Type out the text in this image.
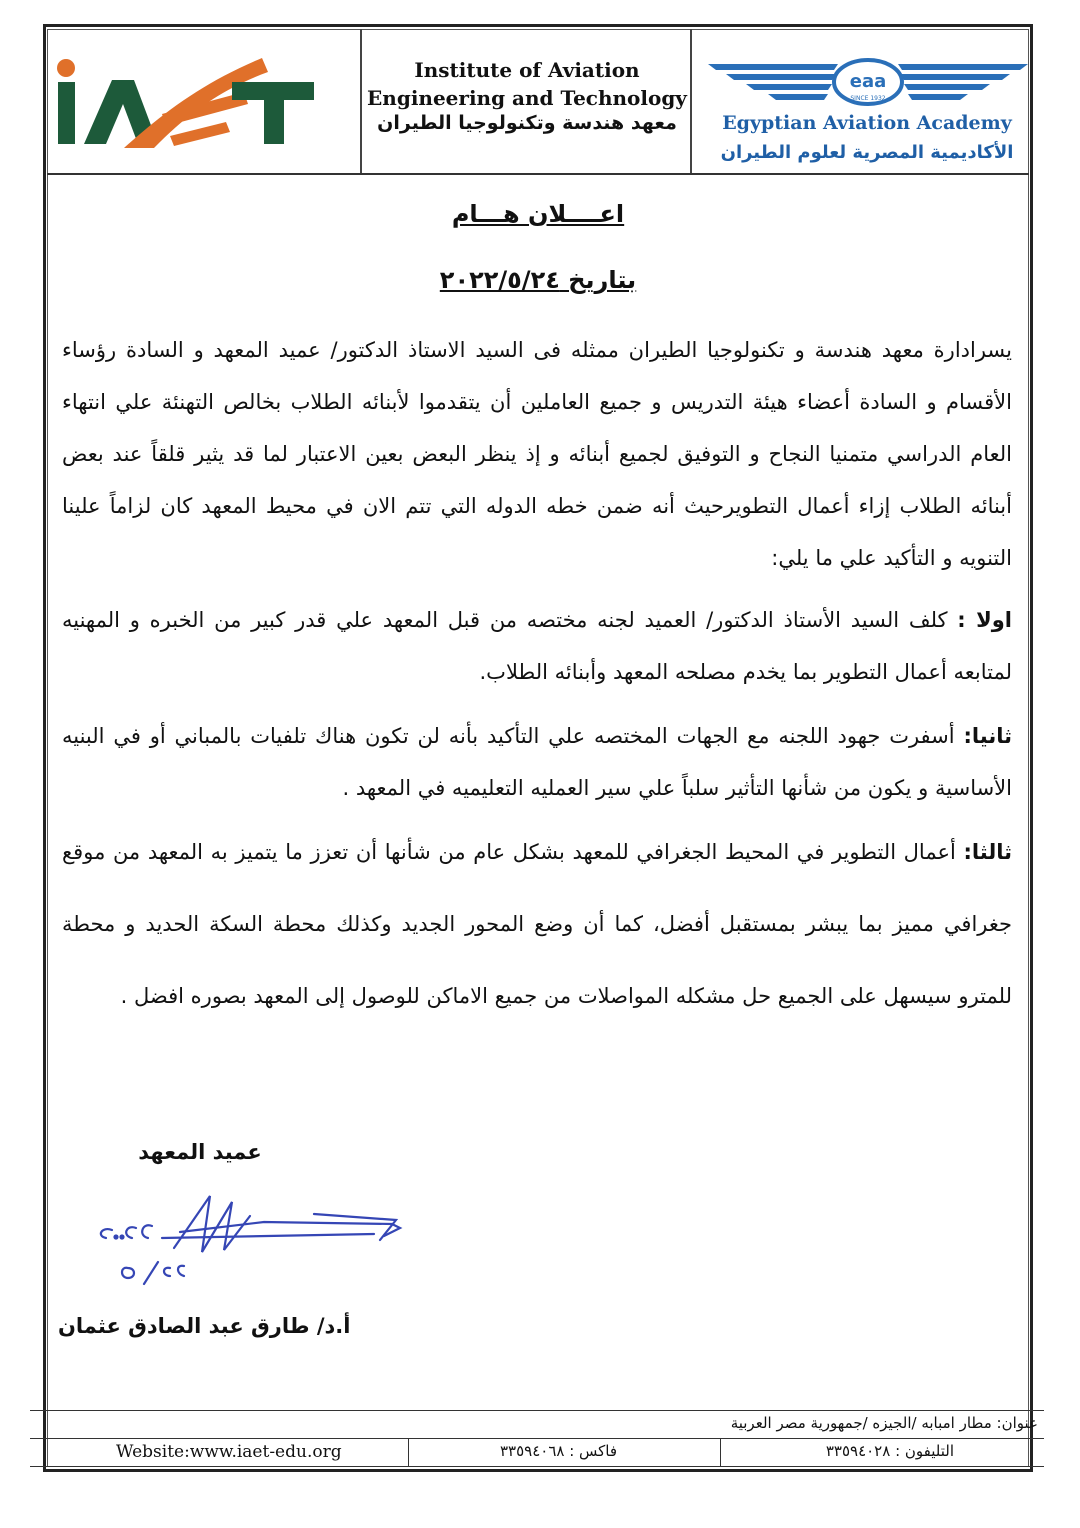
Institute of Aviation
Engineering and Technology
معهد هندسة وتكنولوجيا الطيران
eaa
SINCE 1932
Egyptian Aviation Academy
الأكاديمية المصرية لعلوم الطيران
اعــــلان هـــام
بتاريخ ٢٠٢٢/٥/٢٤
يسرادارة معهد هندسة و تكنولوجيا الطيران ممثله فى السيد الاستاذ الدكتور/ عميد المعهد و السادة رؤساء الأقسام و السادة أعضاء هيئة التدريس و جميع العاملين أن يتقدموا لأبنائه الطلاب بخالص التهنئة علي انتهاء العام الدراسي متمنيا النجاح و التوفيق لجميع أبنائه و إذ ينظر البعض بعين الاعتبار لما قد يثير قلقاً عند بعض أبنائه الطلاب إزاء أعمال التطويرحيث أنه ضمن خطه الدوله التي تتم الان في محيط المعهد كان لزاماً علينا التنويه و التأكيد علي ما يلي:
اولا : كلف السيد الأستاذ الدكتور/ العميد لجنه مختصه من قبل المعهد علي قدر كبير من الخبره و المهنيه لمتابعه أعمال التطوير بما يخدم مصلحه المعهد وأبنائه الطلاب.
ثانيا: أسفرت جهود اللجنه مع الجهات المختصه علي التأكيد بأنه لن تكون هناك تلفيات بالمباني أو في البنيه الأساسية و يكون من شأنها التأثير سلباً علي سير العمليه التعليميه في المعهد .
ثالثا: أعمال التطوير في المحيط الجغرافي للمعهد بشكل عام من شأنها أن تعزز ما يتميز به المعهد من موقع جغرافي مميز بما يبشر بمستقبل أفضل، كما أن وضع المحور الجديد وكذلك محطة السكة الحديد و محطة للمترو سيسهل على الجميع حل مشكله المواصلات من جميع الاماكن للوصول إلى المعهد بصوره افضل .
عميد المعهد
أ.د/ طارق عبد الصادق عثمان
عنوان: مطار امبابه /الجيزه /جمهورية مصر العربية
التليفون : ٣٣٥٩٤٠٢٨
فاكس : ٣٣٥٩٤٠٦٨
Website:www.iaet-edu.org
